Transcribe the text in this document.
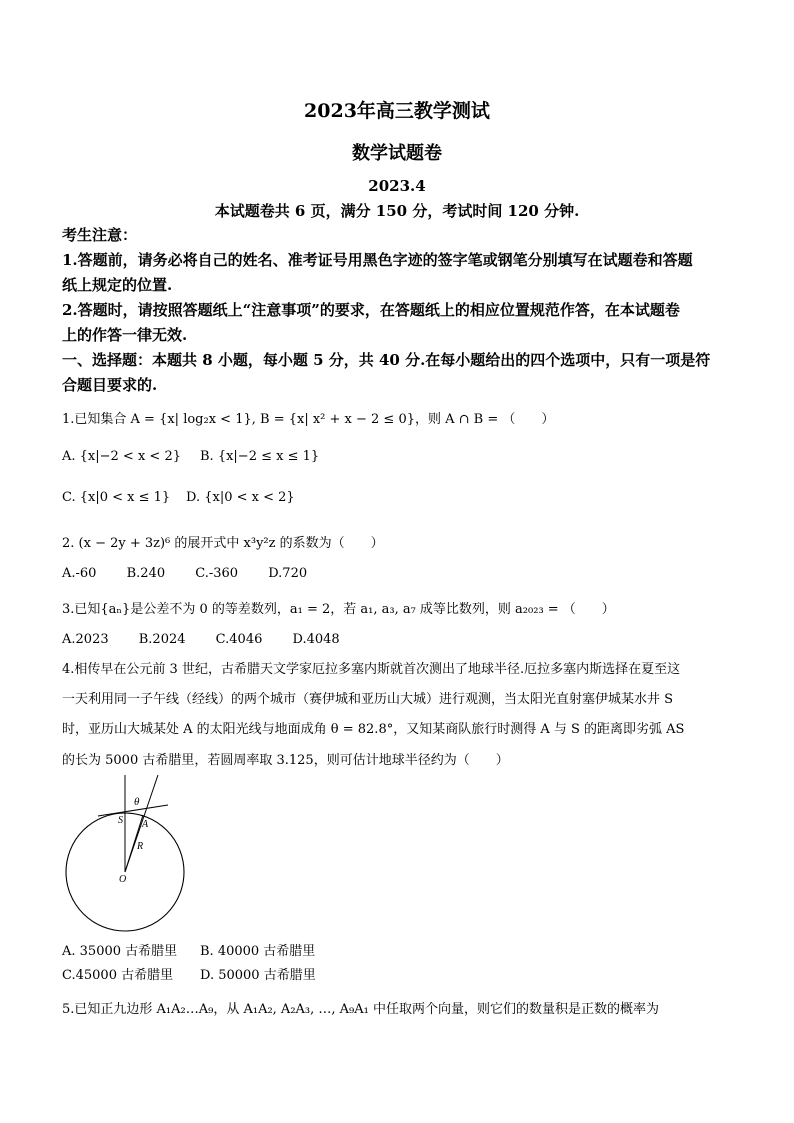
2023年高三教学测试
数学试题卷
2023.4
本试题卷共 6 页，满分 150 分，考试时间 120 分钟.
考生注意：
1.答题前，请务必将自己的姓名、准考证号用黑色字迹的签字笔或钢笔分别填写在试题卷和答题
纸上规定的位置.
2.答题时，请按照答题纸上“注意事项”的要求，在答题纸上的相应位置规范作答，在本试题卷
上的作答一律无效.
一、选择题：本题共 8 小题，每小题 5 分，共 40 分.在每小题给出的四个选项中，只有一项是符
合题目要求的.
1.已知集合 A = {x| log₂x < 1}, B = {x| x² + x − 2 ≤ 0}，则 A ∩ B = （　　）
A. {x|−2 < x < 2} B. {x|−2 ≤ x ≤ 1}
C. {x|0 < x ≤ 1} D. {x|0 < x < 2}
2. (x − 2y + 3z)⁶ 的展开式中 x³y²z 的系数为（　　）
A.-60 B.240 C.-360 D.720
3.已知{aₙ}是公差不为 0 的等差数列，a₁ = 2，若 a₁, a₃, a₇ 成等比数列，则 a₂₀₂₃ = （　　）
A.2023 B.2024 C.4046 D.4048
4.相传早在公元前 3 世纪，古希腊天文学家厄拉多塞内斯就首次测出了地球半径.厄拉多塞内斯选择在夏至这
一天利用同一子午线（经线）的两个城市（赛伊城和亚历山大城）进行观测，当太阳光直射塞伊城某水井 S
时，亚历山大城某处 A 的太阳光线与地面成角 θ = 82.8°，又知某商队旅行时测得 A 与 S 的距离即劣弧 AS
的长为 5000 古希腊里，若圆周率取 3.125，则可估计地球半径约为（　　）
θ
S A
R
O
A. 35000 古希腊里 B. 40000 古希腊里
C.45000 古希腊里 D. 50000 古希腊里
5.已知正九边形 A₁A₂…A₉，从 A₁A₂, A₂A₃, …, A₉A₁ 中任取两个向量，则它们的数量积是正数的概率为
